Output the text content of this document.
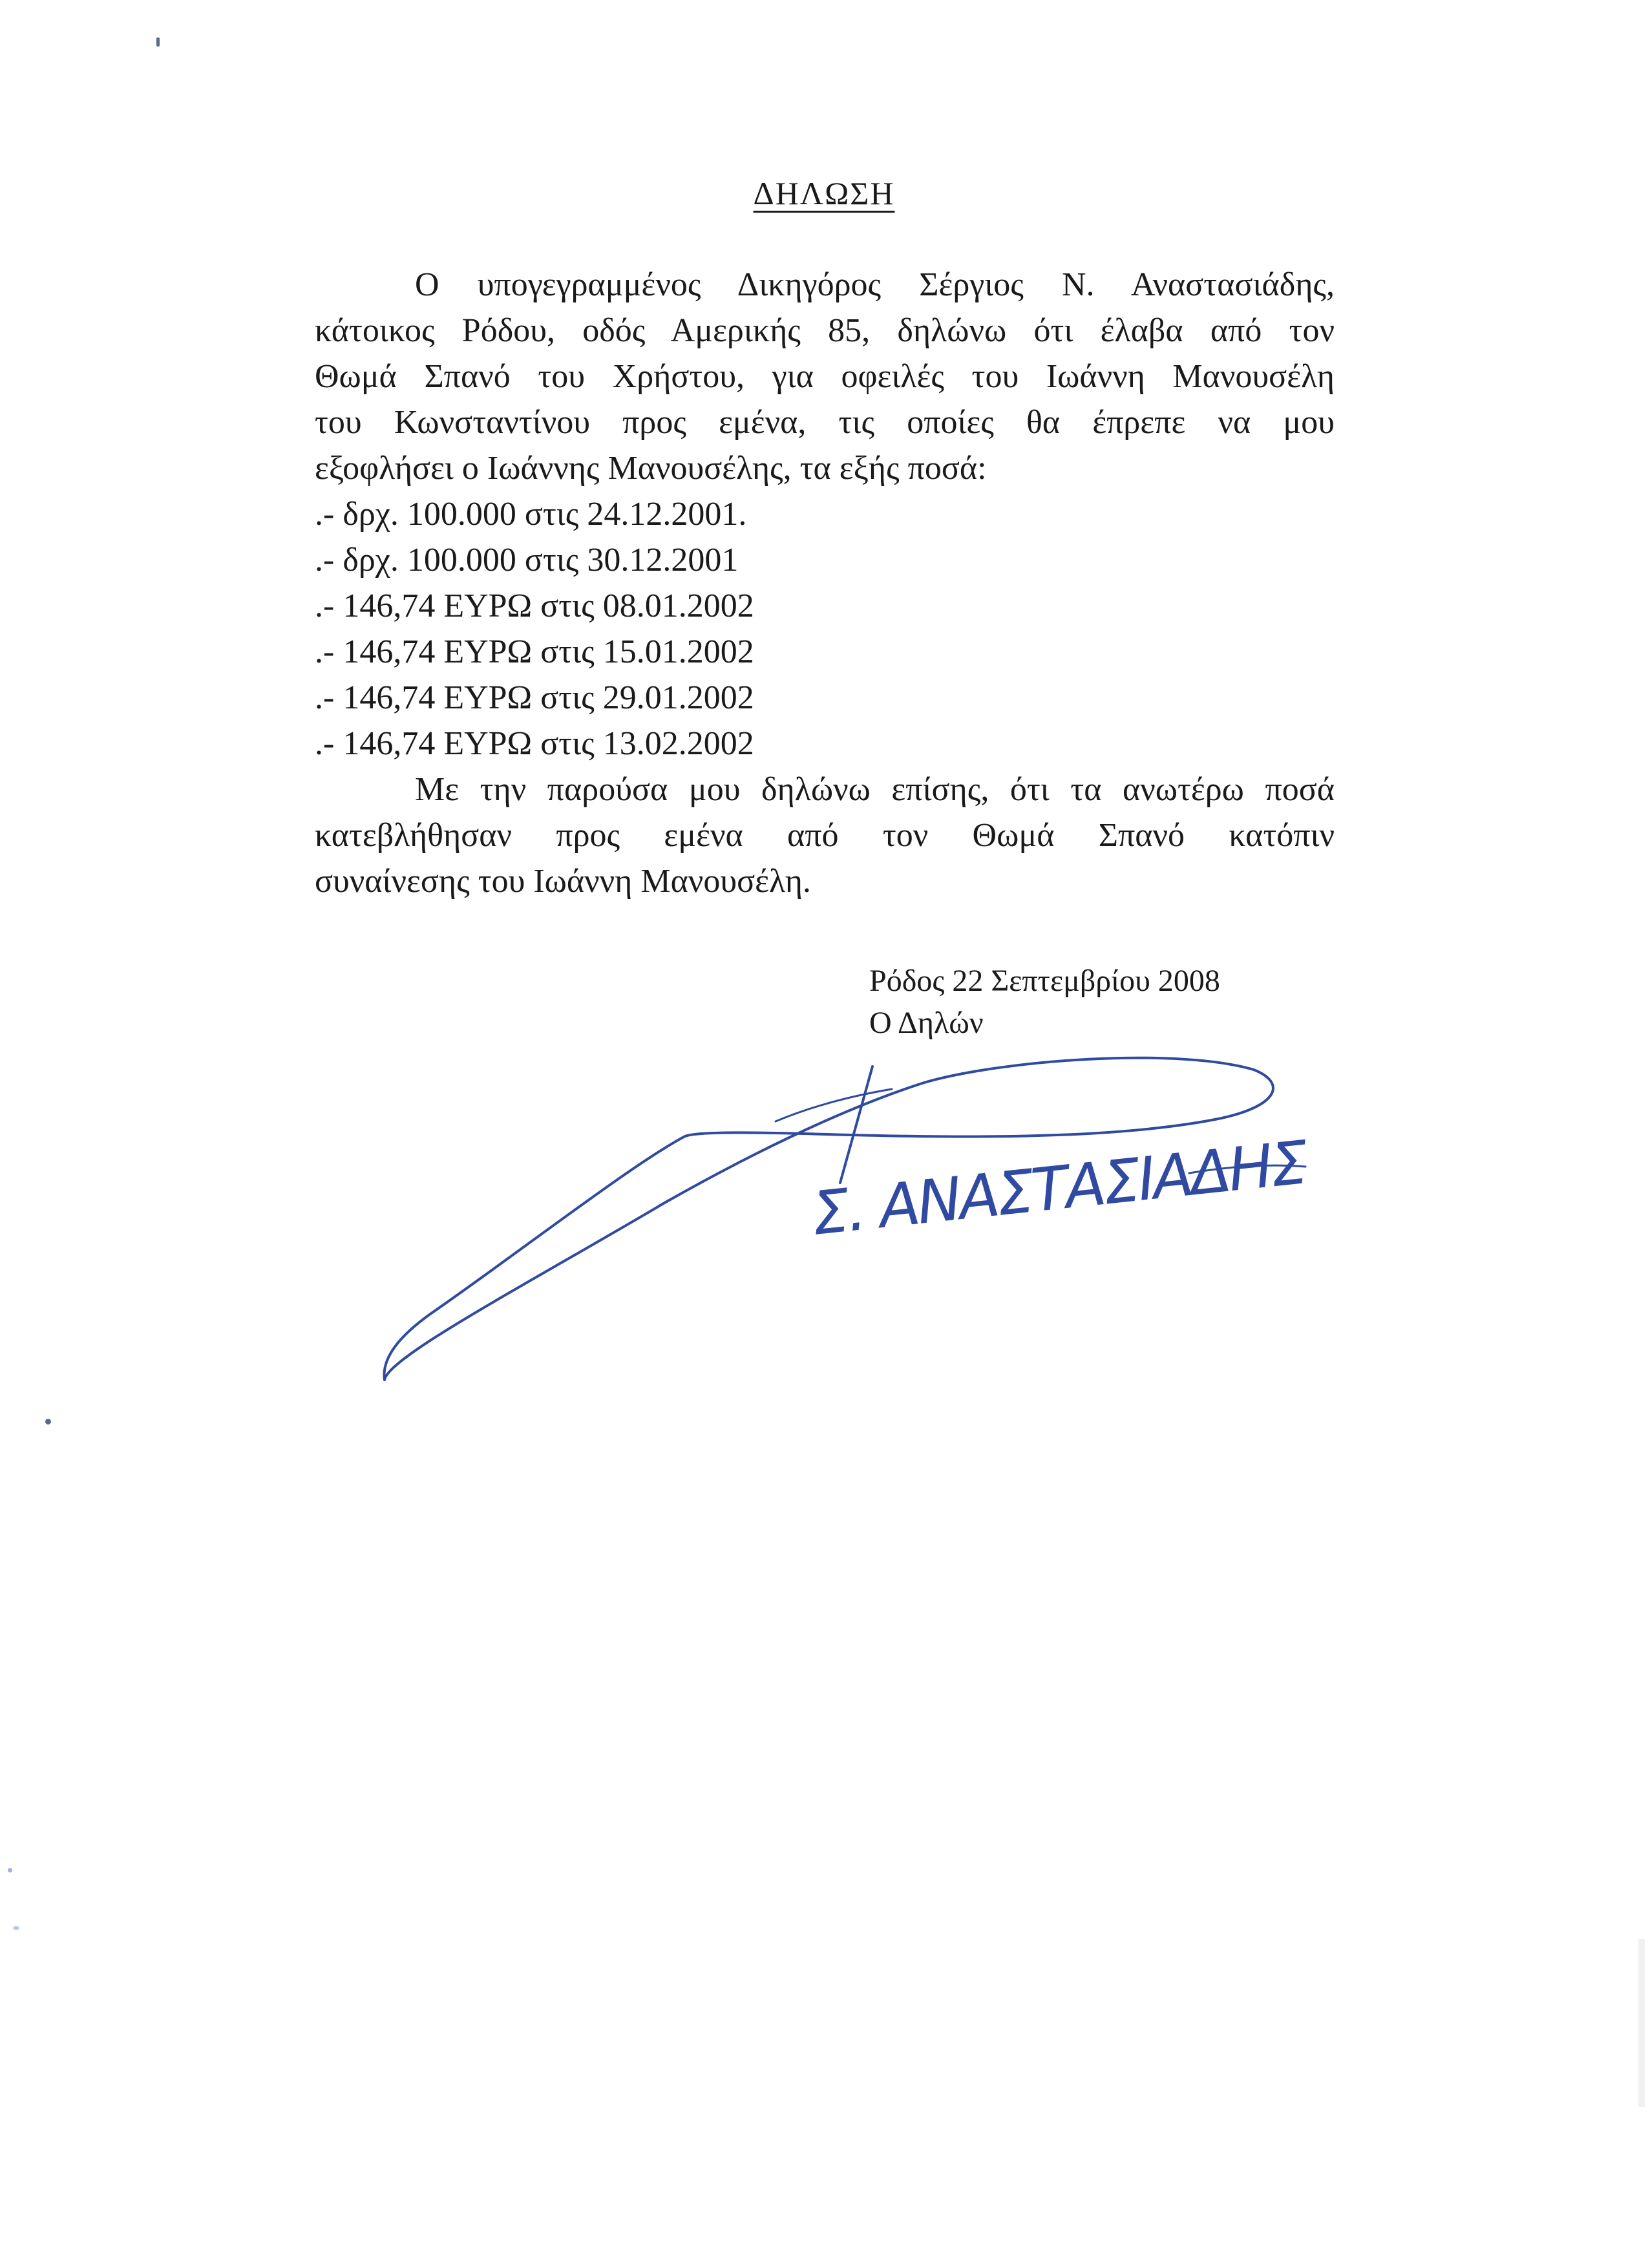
ΔΗΛΩΣΗ
Ο υπογεγραμμένος Δικηγόρος Σέργιος Ν. Αναστασιάδης,
κάτοικος Ρόδου, οδός Αμερικής 85, δηλώνω ότι έλαβα από τον
Θωμά Σπανό του Χρήστου, για οφειλές του Ιωάννη Μανουσέλη
του Κωνσταντίνου προς εμένα, τις οποίες θα έπρεπε να μου
εξοφλήσει ο Ιωάννης Μανουσέλης, τα εξής ποσά:
.- δρχ. 100.000 στις 24.12.2001.
.- δρχ. 100.000 στις 30.12.2001
.- 146,74 ΕΥΡΩ στις 08.01.2002
.- 146,74 ΕΥΡΩ στις 15.01.2002
.- 146,74 ΕΥΡΩ στις 29.01.2002
.- 146,74 ΕΥΡΩ στις 13.02.2002
Με την παρούσα μου δηλώνω επίσης, ότι τα ανωτέρω ποσά
κατεβλήθησαν προς εμένα από τον Θωμά Σπανό κατόπιν
συναίνεσης του Ιωάννη Μανουσέλη.
Ρόδος 22 Σεπτεμβρίου 2008
Ο Δηλών
Σ. ΑΝΑΣΤΑΣΙΑΔΗΣ
